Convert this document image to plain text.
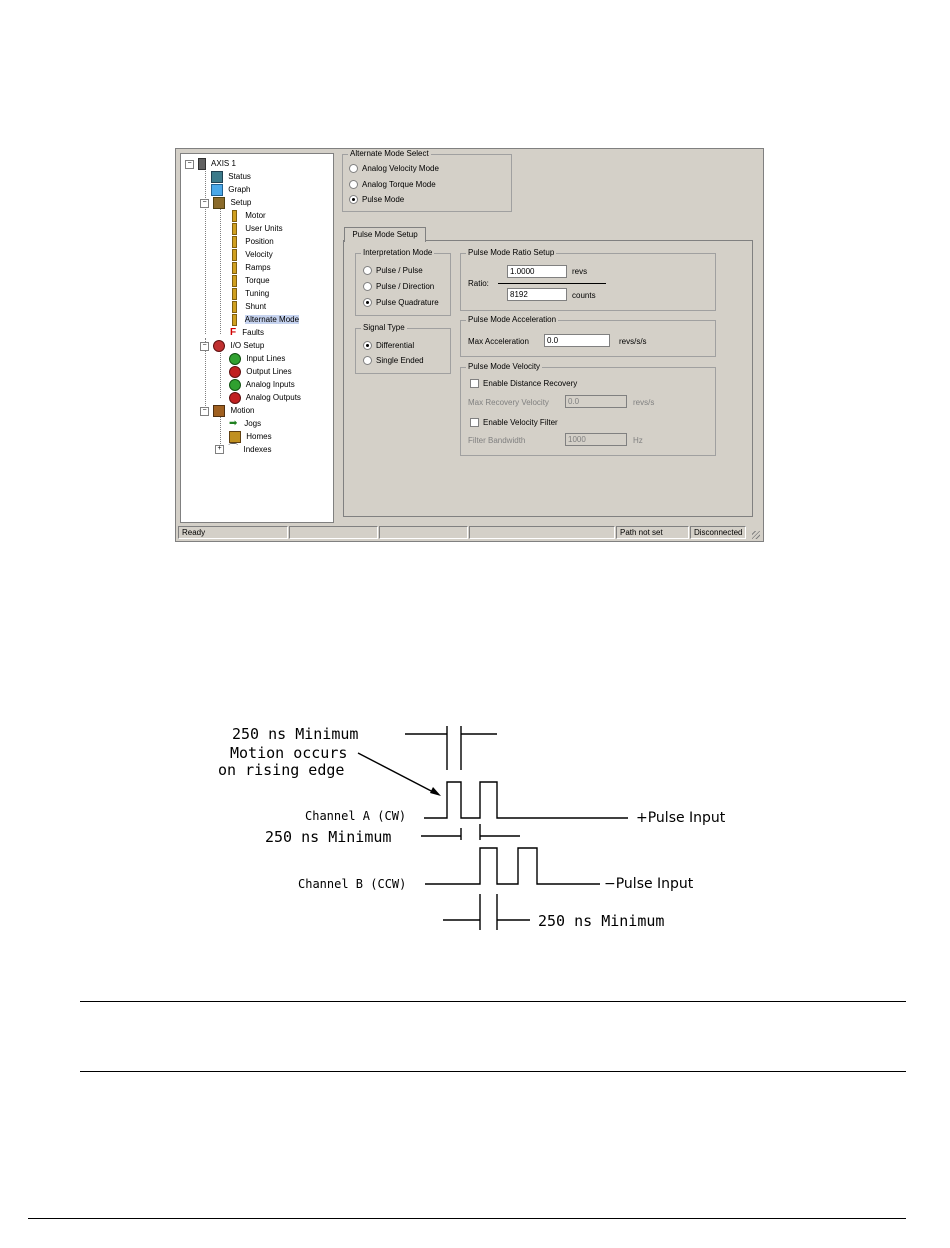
− AXIS 1
Status
Graph
−	Setup
Motor
User Units
Position
Velocity
Ramps
Torque
Tuning
Shunt
Alternate Mode
F Faults
−	I/O Setup
Input Lines
Output Lines
Analog Inputs
Analog Outputs
−	Motion
➡ Jogs
Homes
+ ⌒ Indexes
Alternate Mode Select
Analog Velocity Mode
Analog Torque Mode
Pulse Mode
Pulse Mode Setup
Interpretation Mode
Pulse / Pulse
Pulse / Direction
Pulse Quadrature
Signal Type
Differential
Single Ended
Pulse Mode Ratio Setup
Ratio:
1.0000	revs
8192	counts
Pulse Mode Acceleration
Max Acceleration	0.0	revs/s/s
Pulse Mode Velocity
Enable Distance Recovery
Max Recovery Velocity	0.0	revs/s
Enable Velocity Filter
Filter Bandwidth	1000	Hz
Ready	Path not set	Disconnected
250 ns Minimum
Motion occurs
on rising edge
Channel A (CW)	+Pulse Input
250 ns Minimum
Channel B (CCW)	−Pulse Input
250 ns Minimum
